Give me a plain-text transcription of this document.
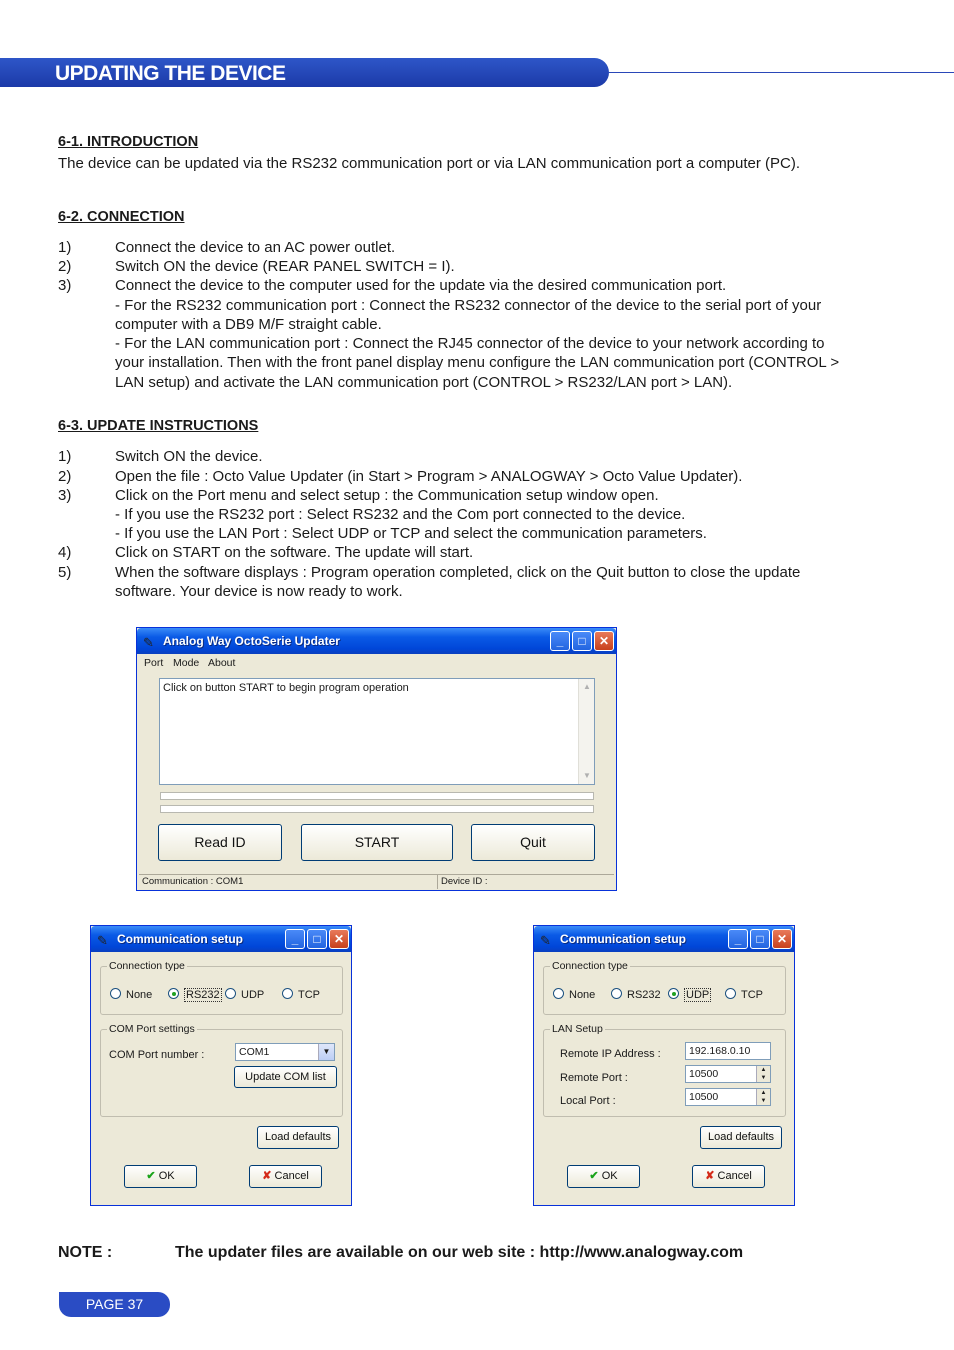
UPDATING THE DEVICE
6-1. INTRODUCTION
The device can be updated via the RS232 communication port or via LAN communication port a computer (PC).
6-2. CONNECTION
1)	Connect the device to an AC power outlet.
2)	Switch ON the device (REAR PANEL SWITCH = I).
3)	Connect the device to the computer used for the update via the desired communication port.
- For the RS232 communication port : Connect the RS232 connector of the device to the serial port of your
computer with a DB9 M/F straight cable.
- For the LAN communication port : Connect the RJ45 connector of the device to your network according to
your installation. Then with the front panel display menu configure the LAN communication port (CONTROL >
LAN setup) and activate the LAN communication port (CONTROL > RS232/LAN port > LAN).
6-3. UPDATE INSTRUCTIONS
1)	Switch ON the device.
2)	Open the file : Octo Value Updater (in Start > Program > ANALOGWAY > Octo Value Updater).
3)	Click on the Port menu and select setup : the Communication setup window open.
- If you use the RS232 port : Select RS232 and the Com port connected to the device.
- If you use the LAN Port : Select UDP or TCP and select the communication parameters.
4)	Click on START on the software. The update will start.
5)	When the software displays : Program operation completed, click on the Quit button to close the update
software. Your device is now ready to work.
✎ Analog Way OctoSerie Updater	_	□	✕
Port Mode About
Click on button START to begin program operation	▲
▼
Read ID	START	Quit
Communication : COM1	Device ID :
✎ Communication setup	_	□	✕
Connection type
None	RS232	UDP	TCP
COM Port settings
COM Port number :	COM1	▼
Update COM list
Load defaults
✔ OK	✘ Cancel
✎ Communication setup	_	□	✕
Connection type
None	RS232	UDP	TCP
LAN Setup
Remote IP Address :	192.168.0.10
Remote Port :	10500	▲
▼
Local Port :	10500	▲
▼
Load defaults
✔ OK	✘ Cancel
NOTE :	The updater files are available on our web site : http://www.analogway.com
PAGE 37
